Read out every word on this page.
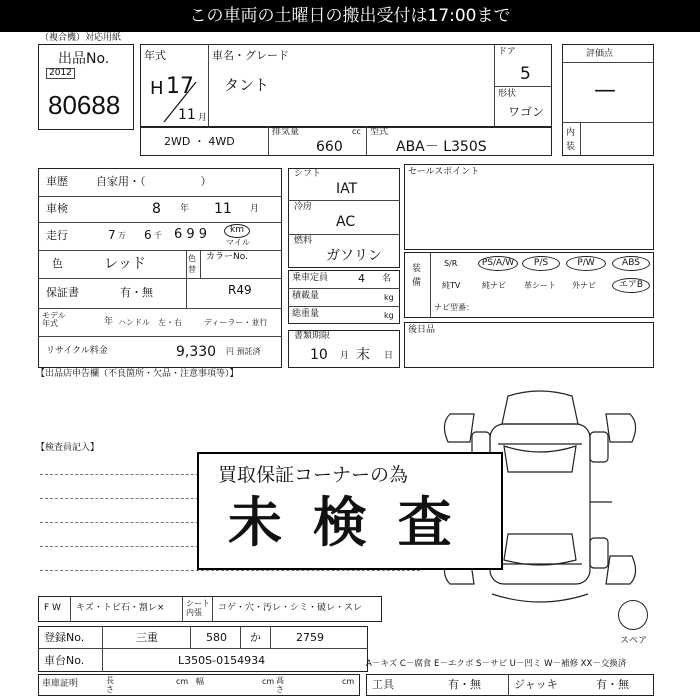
この車両の土曜日の搬出受付は17:00まで
（複合機）対応用紙
出品No.
2012
80688
年式
H 17
11 月
車名・グレード
タント
ドア
5
形状
ワゴン
2WD ・ 4WD
排気量	cc
660
型式
ABA－ L350S
評価点
—
内装
車歴	自家用・（　　　　　）
車検	8 年 11 月
走行	7 万 6 千 6 9 9	km
マイル
色	レッド	色替
カラーNo.
R49
保証書	有・無
モデル年式	年 ハンドル　左・右	ディーラー・並行
リサイクル料金	9,330 円 預託済
シフト
IAT
冷房
AC
燃料
ガソリン
乗車定員	4 名
積載量	kg
総重量	kg
書類期限
10 月 末 日
セールスポイント
装備
S/R	PS/A/W	P/S	P/W	ABS
純TV	純ナビ 革シート 外ナビ	エアB
ナビ型番：
後日品
【出品店申告欄（不良箇所・欠品・注意事項等）】
【検査員記入】
スペア
買取保証コーナーの為
未 検 査
F W キズ・トビ石・割レ×	シート内張	コゲ・穴・汚レ・シミ・破レ・スレ
登録No.	三重	580 か	2759
車台No.	L350S-0154934
車庫証明	長さ
cm 幅	cm 高さ
cm
A－キズ C－腐食 E－エクボ S－サビ U－凹ミ W－補修 XX－交換済
工具	有・無	ジャッキ	有・無
